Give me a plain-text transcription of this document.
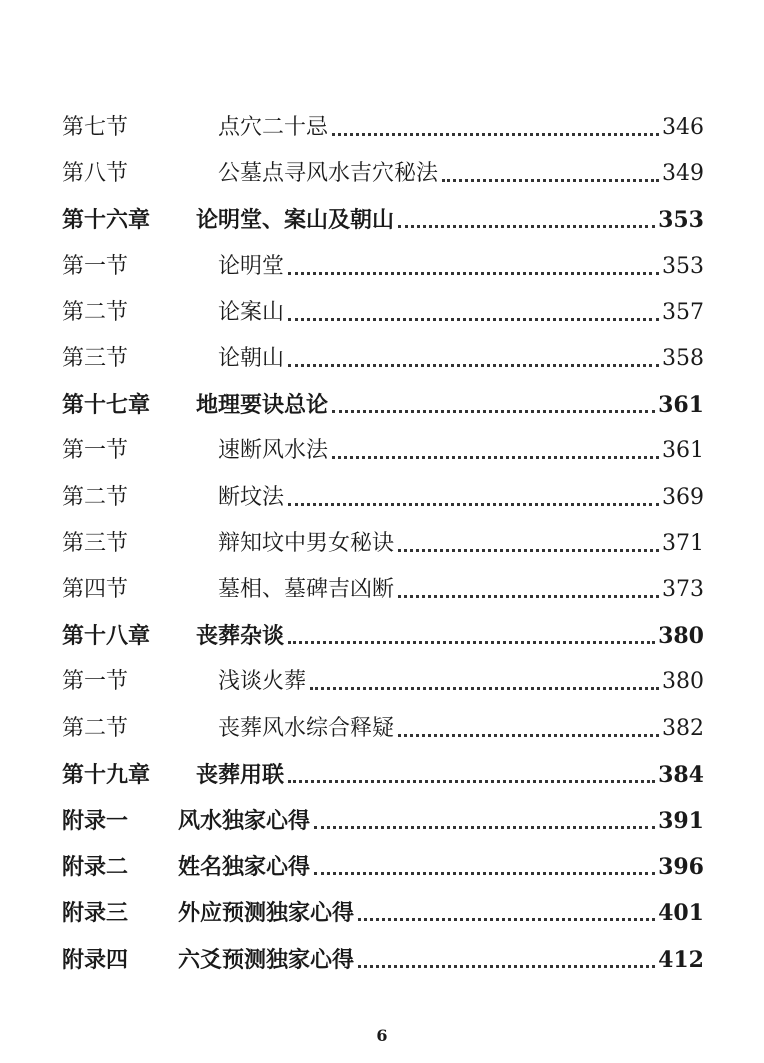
第七节	点穴二十忌	346
第八节	公墓点寻风水吉穴秘法	349
第十六章 论明堂、案山及朝山	353
第一节	论明堂	353
第二节	论案山	357
第三节	论朝山	358
第十七章 地理要诀总论	361
第一节	速断风水法	361
第二节	断坟法	369
第三节	辩知坟中男女秘诀	371
第四节	墓相、墓碑吉凶断	373
第十八章 丧葬杂谈	380
第一节	浅谈火葬	380
第二节	丧葬风水综合释疑	382
第十九章 丧葬用联	384
附录一 风水独家心得	391
附录二 姓名独家心得	396
附录三 外应预测独家心得	401
附录四 六爻预测独家心得	412
6
